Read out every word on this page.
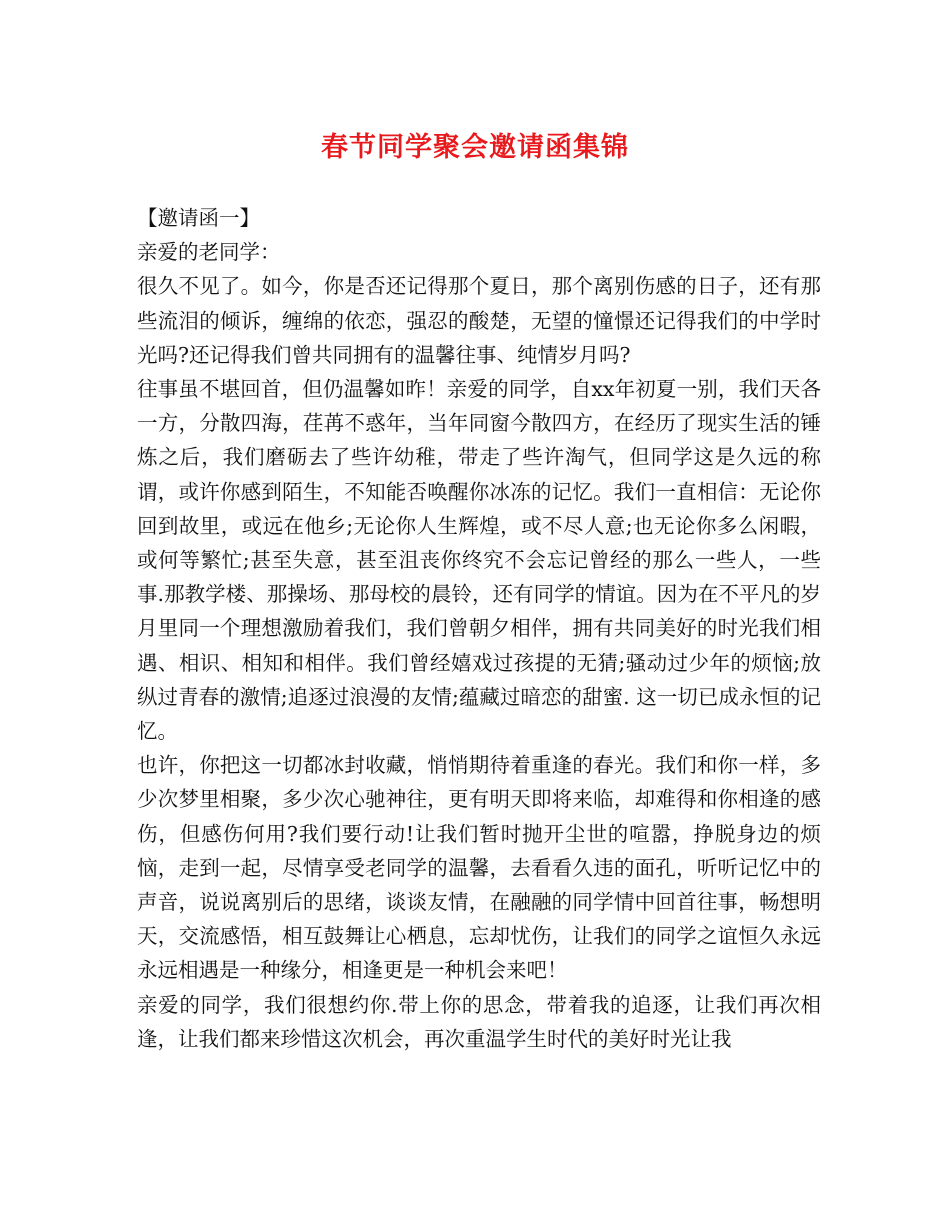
春节同学聚会邀请函集锦

【邀请函一】

亲爱的老同学：

很久不见了。如今，你是否还记得那个夏日，那个离别伤感的日子，还有那些流泪的倾诉，缠绵的依恋，强忍的酸楚，无望的憧憬还记得我们的中学时光吗?还记得我们曾共同拥有的温馨往事、纯情岁月吗?

往事虽不堪回首，但仍温馨如昨！亲爱的同学，自xx年初夏一别，我们天各一方，分散四海，荏苒不惑年，当年同窗今散四方，在经历了现实生活的锤炼之后，我们磨砺去了些许幼稚，带走了些许淘气，但同学这是久远的称谓，或许你感到陌生，不知能否唤醒你冰冻的记忆。我们一直相信：无论你回到故里，或远在他乡;无论你人生辉煌，或不尽人意;也无论你多么闲暇，或何等繁忙;甚至失意，甚至沮丧你终究不会忘记曾经的那么一些人，一些事.那教学楼、那操场、那母校的晨铃，还有同学的情谊。因为在不平凡的岁月里同一个理想激励着我们，我们曾朝夕相伴，拥有共同美好的时光我们相遇、相识、相知和相伴。我们曾经嬉戏过孩提的无猜;骚动过少年的烦恼;放纵过青春的激情;追逐过浪漫的友情;蕴藏过暗恋的甜蜜. 这一切已成永恒的记忆。

也许，你把这一切都冰封收藏，悄悄期待着重逢的春光。我们和你一样，多少次梦里相聚，多少次心驰神往，更有明天即将来临，却难得和你相逢的感伤，但感伤何用?我们要行动!让我们暂时抛开尘世的喧嚣，挣脱身边的烦恼，走到一起，尽情享受老同学的温馨，去看看久违的面孔，听听记忆中的声音，说说离别后的思绪，谈谈友情，在融融的同学情中回首往事，畅想明天，交流感悟，相互鼓舞让心栖息，忘却忧伤，让我们的同学之谊恒久永远永远相遇是一种缘分，相逢更是一种机会来吧！

亲爱的同学，我们很想约你.带上你的思念，带着我的追逐，让我们再次相逢，让我们都来珍惜这次机会，再次重温学生时代的美好时光让我
